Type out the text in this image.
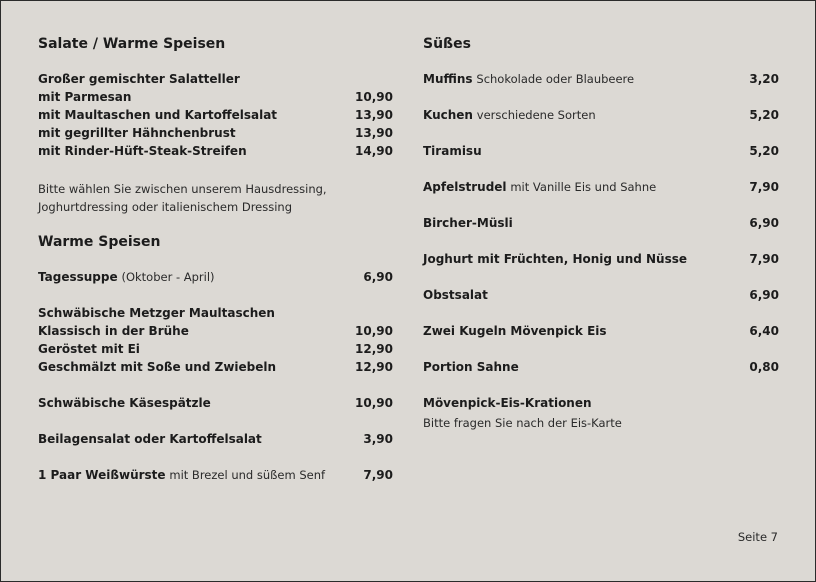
Salate / Warme Speisen
Großer gemischter Salatteller
mit Parmesan	10,90
mit Maultaschen und Kartoffelsalat	13,90
mit gegrillter Hähnchenbrust	13,90
mit Rinder-Hüft-Steak-Streifen	14,90
Bitte wählen Sie zwischen unserem Hausdressing,
Joghurtdressing oder italienischem Dressing
Warme Speisen
Tagessuppe (Oktober - April)	6,90
Schwäbische Metzger Maultaschen
Klassisch in der Brühe	10,90
Geröstet mit Ei	12,90
Geschmälzt mit Soße und Zwiebeln	12,90
Schwäbische Käsespätzle	10,90
Beilagensalat oder Kartoffelsalat	3,90
1 Paar Weißwürste mit Brezel und süßem Senf	7,90
Süßes
Muffins Schokolade oder Blaubeere	3,20
Kuchen verschiedene Sorten	5,20
Tiramisu	5,20
Apfelstrudel mit Vanille Eis und Sahne	7,90
Bircher-Müsli	6,90
Joghurt mit Früchten, Honig und Nüsse	7,90
Obstsalat	6,90
Zwei Kugeln Mövenpick Eis	6,40
Portion Sahne	0,80
Mövenpick-Eis-Krationen
Bitte fragen Sie nach der Eis-Karte
Seite 7
